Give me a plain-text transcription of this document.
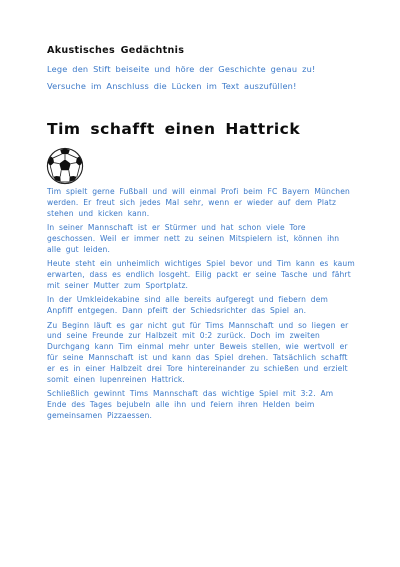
Akustisches Gedächtnis
Lege den Stift beiseite und höre der Geschichte genau zu!
Versuche im Anschluss die Lücken im Text auszufüllen!
Tim schafft einen Hattrick

Tim spielt gerne Fußball und will einmal Profi beim FC Bayern München werden. Er freut sich jedes Mal sehr, wenn er wieder auf dem Platz stehen und kicken kann.

In seiner Mannschaft ist er Stürmer und hat schon viele Tore geschossen. Weil er immer nett zu seinen Mitspielern ist, können ihn alle gut leiden.

Heute steht ein unheimlich wichtiges Spiel bevor und Tim kann es kaum erwarten, dass es endlich losgeht. Eilig packt er seine Tasche und fährt mit seiner Mutter zum Sportplatz.

In der Umkleidekabine sind alle bereits aufgeregt und fiebern dem Anpfiff entgegen. Dann pfeift der Schiedsrichter das Spiel an.

Zu Beginn läuft es gar nicht gut für Tims Mannschaft und so liegen er und seine Freunde zur Halbzeit mit 0:2 zurück. Doch im zweiten Durchgang kann Tim einmal mehr unter Beweis stellen, wie wertvoll er für seine Mannschaft ist und kann das Spiel drehen. Tatsächlich schafft er es in einer Halbzeit drei Tore hintereinander zu schießen und erzielt somit einen lupenreinen Hattrick.

Schließlich gewinnt Tims Mannschaft das wichtige Spiel mit 3:2. Am Ende des Tages bejubeln alle ihn und feiern ihren Helden beim gemeinsamen Pizzaessen.
